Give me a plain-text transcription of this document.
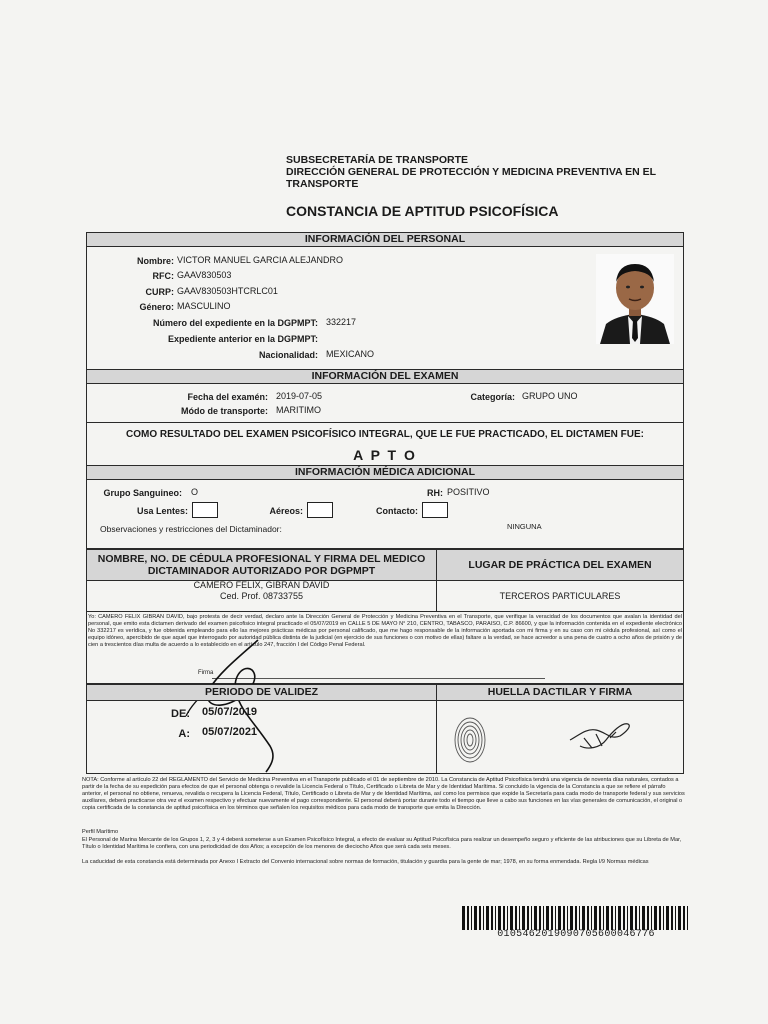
SUBSECRETARÍA DE TRANSPORTE
DIRECCIÓN GENERAL DE PROTECCIÓN Y MEDICINA PREVENTIVA EN EL
TRANSPORTE
CONSTANCIA DE APTITUD PSICOFÍSICA
INFORMACIÓN DEL PERSONAL
Nombre: VICTOR MANUEL GARCIA ALEJANDRO
RFC: GAAV830503
CURP: GAAV830503HTCRLC01
Género: MASCULINO
Número del expediente en la DGPMPT: 332217
Expediente anterior en la DGPMPT:
Nacionalidad: MEXICANO
INFORMACIÓN DEL EXAMEN
Fecha del examén: 2019-07-05
Módo de transporte: MARITIMO
Categoría: GRUPO UNO
COMO RESULTADO DEL EXAMEN PSICOFÍSICO INTEGRAL, QUE LE FUE PRACTICADO, EL DICTAMEN FUE:
A P T O
INFORMACIÓN MÉDICA ADICIONAL
Grupo Sanguineo: O	RH: POSITIVO
Usa Lentes:	Aéreos:	Contacto:
Observaciones y restricciones del Dictaminador:	NINGUNA
NOMBRE, NO. DE CÉDULA PROFESIONAL Y FIRMA DEL MEDICO
DICTAMINADOR AUTORIZADO POR DGPMPT	LUGAR DE PRÁCTICA DEL EXAMEN
CAMERO FELIX, GIBRAN DAVID
Ced. Prof. 08733755	TERCEROS PARTICULARES
Yo: CAMERO FELIX GIBRAN DAVID, bajo protesta de decir verdad, declaro ante la Dirección General de Protección y Medicina Preventiva en el Transporte, que verifique la veracidad de los documentos que avalan la identidad del personal, que emito esta dictamen derivado del examen psicofisico integral practicado el 05/07/2019 en CALLE 5 DE MAYO N° 210, CENTRO, TABASCO, PARAISO, C.P. 86600, y que la información contenida en el expediente electrónico No 332217 es verídica, y fue obtenida empleando para ello las mejores prácticas médicas por personal calificado, que me hago responsable de la información aportada con mi firma y en su caso con mi cédula profesional, así como el equipo idóneo, apercibido de que aquel que interrogado por autoridad pública distinta de la judicial (en ejercicio de sus funciones o con motivo de ellas) faltare a la verdad, se hace acreedor a una pena de cuatro a ocho años de prisión y de cien a trescientos días multa de acuerdo a lo establecido en el artículo 247, fracción I del Código Penal Federal.
Firma
PERIODO DE VALIDEZ	HUELLA DACTILAR Y FIRMA
DE: 05/07/2019
A: 05/07/2021
NOTA: Conforme al artículo 22 del REGLAMENTO del Servicio de Medicina Preventiva en el Transporte publicado el 01 de septiembre de 2010. La Constancia de Aptitud Psicofísica tendrá una vigencia de noventa días naturales, contados a partir de la fecha de su expedición para efectos de que el personal obtenga o revalide la Licencia Federal o Título, Certificado o Libreta de Mar y de Identidad Marítima. Si concluido la vigencia de la Constancia a que se refiere el párrafo anterior, el personal no obtiene, renueva, revalida o recupera la Licencia Federal, Título, Certificado o Libreta de Mar y de Identidad Marítima, así como los permisos que expide la Secretaría para cada modo de transporte federal y sus servicios auxiliares, deberá practicarse otra vez el examen respectivo y efectuar nuevamente el pago correspondiente. El personal deberá portar durante todo el tiempo que lleve a cabo sus funciones en las vías generales de comunicación, el original o copia certificada de la constancia de aptitud psicofísica en los términos que señalen los requisitos médicos para cada modo de transporte que emita la Dirección.
Perfil Marítimo
El Personal de Marina Mercante de los Grupos 1, 2, 3 y 4 deberá someterse a un Examen Psicofísico Integral, a efecto de evaluar su Aptitud Psicofísica para realizar un desempeño seguro y eficiente de las atribuciones que su Libreta de Mar, Título o Identidad Marítima le confiera, con una periodicidad de dos Años; a excepción de los menores de dieciocho Años que será cada seis meses.
La caducidad de esta constancia está determinada por Anexo I Extracto del Convenio internacional sobre normas de formación, titulación y guardia para la gente de mar; 1978, en su forma enmendada. Regla I/9 Normas médicas
01054620190907056000467​76
